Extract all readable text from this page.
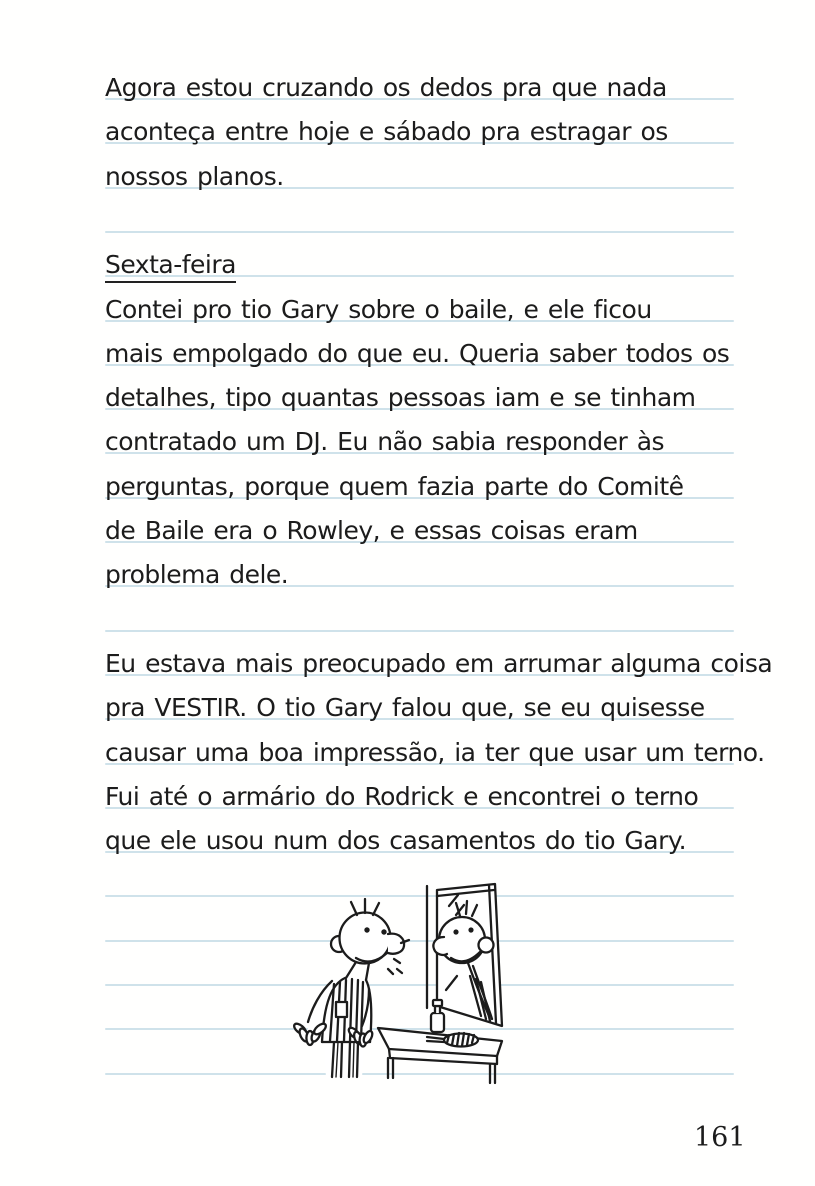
Agora estou cruzando os dedos pra que nada
aconteça entre hoje e sábado pra estragar os
nossos planos.
Sexta-feira
Contei pro tio Gary sobre o baile, e ele ficou
mais empolgado do que eu. Queria saber todos os
detalhes, tipo quantas pessoas iam e se tinham
contratado um DJ. Eu não sabia responder às
perguntas, porque quem fazia parte do Comitê
de Baile era o Rowley, e essas coisas eram
problema dele.
Eu estava mais preocupado em arrumar alguma coisa
pra VESTIR. O tio Gary falou que, se eu quisesse
causar uma boa impressão, ia ter que usar um terno.
Fui até o armário do Rodrick e encontrei o terno
que ele usou num dos casamentos do tio Gary.
161
